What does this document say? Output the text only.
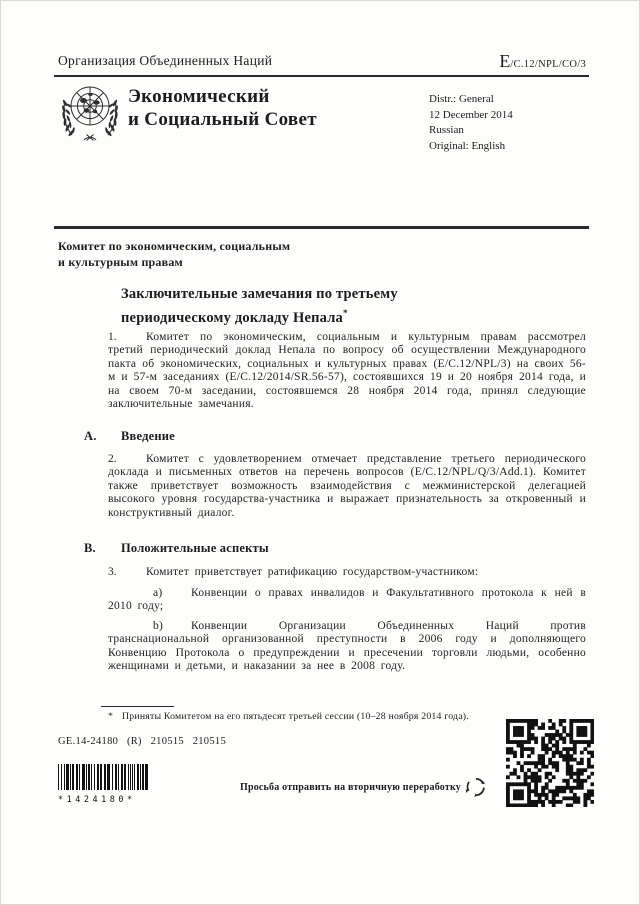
Организация Объединенных Наций	E/C.12/NPL/CO/3
Экономический
и Социальный Совет
Distr.: General
12 December 2014
Russian
Original: English
Комитет по экономическим, социальным
и культурным правам
Заключительные замечания по третьему
периодическому докладу Непала*
1.	Комитет по экономическим, социальным и культурным правам рассмотрел третий периодический доклад Непала по вопросу об осуществлении Международного пакта об экономических, социальных и культурных правах (E/C.12/NPL/3) на своих 56-м и 57-м заседаниях (E/C.12/2014/SR.56-57), состоявшихся 19 и 20 ноября 2014 года, и на своем 70-м заседании, состоявшемся 28 ноября 2014 года, принял следующие заключительные замечания.
A. Введение
2.	Комитет с удовлетворением отмечает представление третьего периодического доклада и письменных ответов на перечень вопросов (E/C.12/NPL/Q/3/Add.1). Комитет также приветствует возможность взаимодействия с межминистерской делегацией высокого уровня государства-участника и выражает признательность за откровенный и конструктивный диалог.
B. Положительные аспекты
3.	Комитет приветствует ратификацию государством-участником:
а) Конвенции о правах инвалидов и Факультативного протокола к ней в 2010 году;
b) Конвенции Организации Объединенных Наций против транснациональной организованной преступности в 2006 году и дополняющего Конвенцию Протокола о предупреждении и пресечении торговли людьми, особенно женщинами и детьми, и наказании за нее в 2008 году.
* Приняты Комитетом на его пятьдесят третьей сессии (10–28 ноября 2014 года).
GE.14-24180   (R)   210515   210515
*1424180*
Просьба отправить на вторичную переработку
